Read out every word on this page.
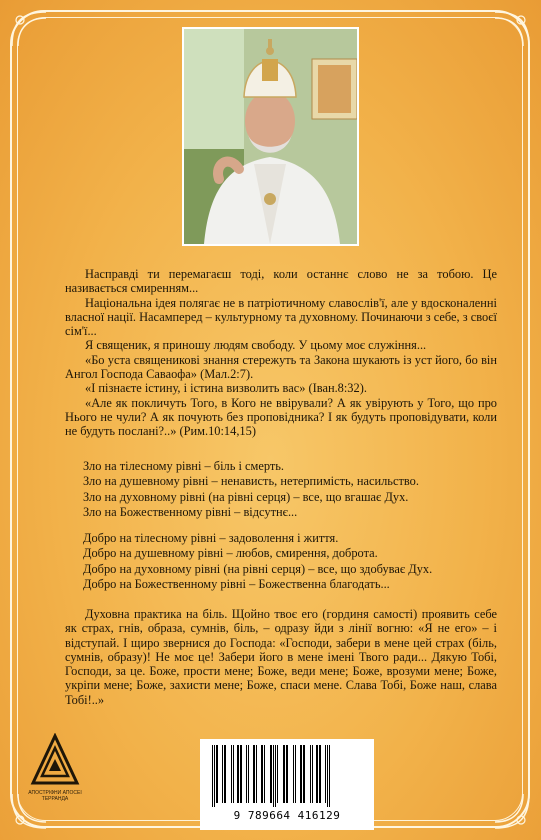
Насправді ти перемагаєш тоді, коли останнє слово не за тобою. Це називається смиренням...

Національна ідея полягає не в патріотичному славослів'ї, але у вдосконаленні власної нації. Насамперед – культурному та духовному. Починаючи з себе, з своєї сім'ї...

Я священик, я приношу людям свободу. У цьому моє служіння...

«Бо уста священикові знання стережуть та Закона шукають із уст його, бо він Ангол Господа Саваофа» (Мал.2:7).

«І пізнаєте істину, і істина визволить вас» (Іван.8:32).

«Але як покличуть Того, в Кого не ввірували? А як увірують у Того, що про Нього не чули? А як почують без проповідника? І як будуть проповідувати, коли не будуть послані?..» (Рим.10:14,15)

Зло на тілесному рівні – біль і смерть.
Зло на душевному рівні – ненависть, нетерпимість, насильство.
Зло на духовному рівні (на рівні серця) – все, що вгашає Дух.
Зло на Божественному рівні – відсутнє...
Добро на тілесному рівні – задоволення і життя.
Добро на душевному рівні – любов, смирення, доброта.
Добро на духовному рівні (на рівні серця) – все, що здобуває Дух.
Добро на Божественному рівні – Божественна благодать...

Духовна практика на біль. Щойно твоє его (гординя самості) проявить себе як страх, гнів, образа, сумнів, біль, – одразу йди з лінії вогню: «Я не его» – і відступай. І щиро звернися до Господа: «Господи, забери в мене цей страх (біль, сумнів, образу)! Не моє це! Забери його в мене імені Твого ради... Дякую Тобі, Господи, за це. Боже, прости мене; Боже, веди мене; Боже, врозуми мене; Боже, укріпи мене; Боже, захисти мене; Боже, спаси мене. Слава Тобі, Боже наш, слава Тобі!..»

АПОСТРІФНИ АПОСЕІ ТЕРРАНДА
9 789664 416129
